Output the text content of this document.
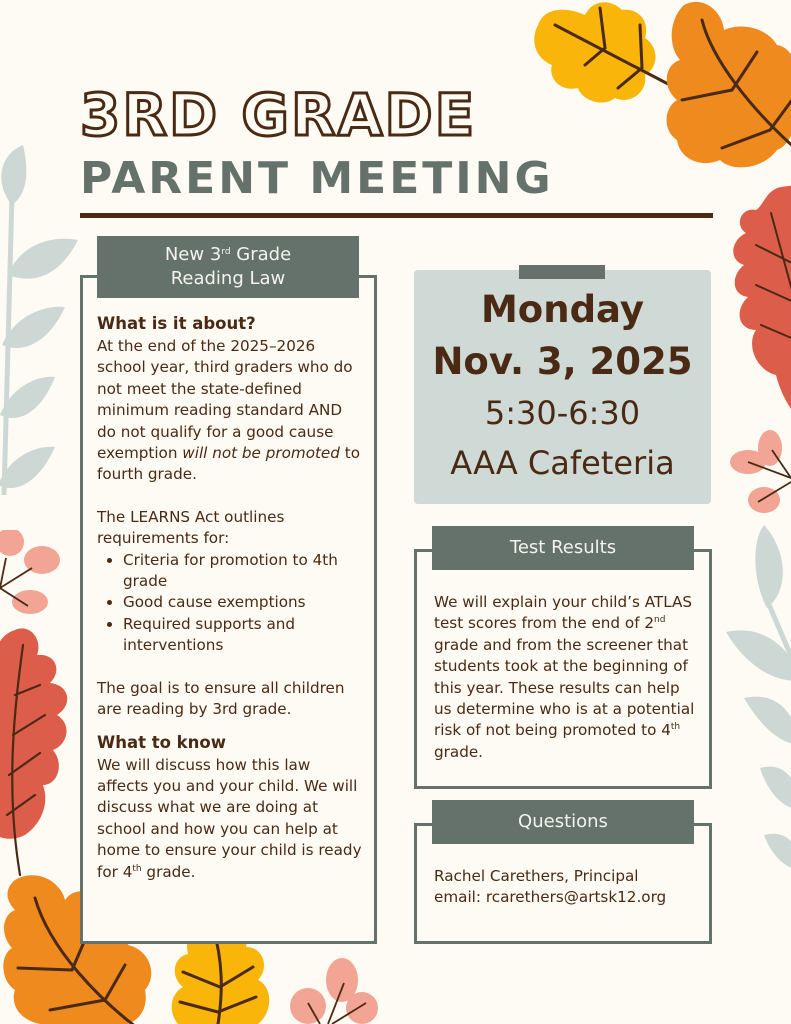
3RD GRADE
PARENT MEETING
New 3rd Grade
Reading Law

What is it about?

At the end of the 2025–2026 school year, third graders who do not meet the state-defined minimum reading standard AND do not qualify for a good cause exemption will not be promoted to fourth grade.

The LEARNS Act outlines requirements for:

• Criteria for promotion to 4th grade
• Good cause exemptions
• Required supports and interventions

The goal is to ensure all children are reading by 3rd grade.

What to know

We will discuss how this law affects you and your child. We will discuss what we are doing at school and how you can help at home to ensure your child is ready for 4th grade.

Monday
Nov. 3, 2025
5:30-6:30
AAA Cafeteria
Test Results

We will explain your child’s ATLAS test scores from the end of 2nd grade and from the screener that students took at the beginning of this year. These results can help us determine who is at a potential risk of not being promoted to 4th grade.

Questions

Rachel Carethers, Principal

email: rcarethers@artsk12.org
